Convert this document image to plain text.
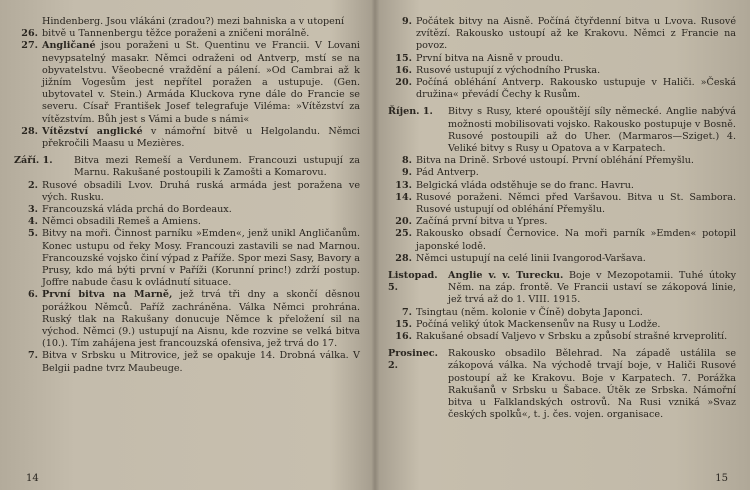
Hindenberg. Jsou vlákáni (zradou?) mezi bahniska a v utopení

26. bitvě u Tannenbergu těžce poraženi a zničeni morálně.

27. Angličané jsou poraženi u St. Quentinu ve Francii. V Lovani nevypsatelný masakr. Němci odraženi od Antverp, mstí se na obyvatelstvu. Všeobecné vraždění a pálení. »Od Cambrai až k jižním Vogesům jest nepřítel poražen a ustupuje. (Gen. ubytovatel v. Stein.) Armáda Kluckova ryne dále do Francie se severu. Císař František Josef telegrafuje Viléma: »Vítězství za vítězstvím. Bůh jest s Vámi a bude s námi«

28. Vítězství anglické v námořní bitvě u Helgolandu. Němci překročili Maasu u Mezières.

Září. 1.	Bitva mezi Remeší a Verdunem. Francouzi ustupují za Marnu. Rakušané postoupili k Zamošti a Komarovu.

2. Rusové obsadili Lvov. Druhá ruská armáda jest poražena ve vých. Rusku.

3. Francouzská vláda prchá do Bordeaux.

4. Němci obsadili Remeš a Amiens.

5. Bitvy na moři. Činnost parníku »Emden«, jenž unikl Angličanům. Konec ustupu od řeky Mosy. Francouzi zastavili se nad Marnou. Francouzské vojsko činí výpad z Paříže. Spor mezi Sasy, Bavory a Prusy, kdo má býti první v Paříži (Korunní princ!) zdrží postup. Joffre nabude času k ovládnutí situace.

6. První bitva na Marně, jež trvá tři dny a skončí děsnou porážkou Němců. Paříž zachráněna. Válka Němci prohrána. Ruský tlak na Rakušany donucuje Němce k přeložení sil na východ. Němci (9.) ustupují na Aisnu, kde rozvine se velká bitva (10.). Tím zahájena jest francouzská ofensiva, jež trvá do 17.

7. Bitva v Srbsku u Mitrovice, jež se opakuje 14. Drobná válka. V Belgii padne tvrz Maubeuge.

9. Počátek bitvy na Aisně. Počíná čtyřdenní bitva u Lvova. Rusové zvítězí. Rakousko ustoupí až ke Krakovu. Němci z Francie na povoz.

15. První bitva na Aisně v proudu.

16. Rusové ustupují z východního Pruska.

20. Počíná obléhání Antverp. Rakousko ustupuje v Haliči. »Česká družina« převádí Čechy k Rusům.

Říjen. 1.	Bitvy s Rusy, které opouštějí síly německé. Anglie nabývá možnosti mobilisovati vojsko. Rakousko postupuje v Bosně. Rusové postoupili až do Uher. (Marmaros—Sziget.) 4. Veliké bitvy s Rusy u Opatova a v Karpatech.

8. Bitva na Drině. Srbové ustoupí. První obléhání Přemyšlu.

9. Pád Antverp.

13. Belgická vláda odstěhuje se do franc. Havru.

14. Rusové poraženi. Němci před Varšavou. Bitva u St. Sambora. Rusové ustupují od obléhání Přemyšlu.

20. Začíná první bitva u Ypres.

25. Rakousko obsadí Černovice. Na moři parník »Emden« potopil japonské lodě.

28. Němci ustupují na celé linii Ivangorod-Varšava.

Listopad. 5.
Anglie v. v. Turecku. Boje v Mezopotamii. Tuhé útoky Něm. na záp. frontě. Ve Francii ustaví se zákopová linie, jež trvá až do 1. VIII. 1915.

7. Tsingtau (něm. kolonie v Číně) dobyta Japonci.

15. Počíná veliký útok Mackensenův na Rusy u Lodže.

16. Rakušané obsadí Valjevo v Srbsku a způsobí strašné krveprolití.

Prosinec. 2.
Rakousko obsadilo Bělehrad. Na západě ustálila se zákopová válka. Na východě trvají boje, v Haliči Rusové postoupí až ke Krakovu. Boje v Karpatech. 7. Porážka Rakušanů v Srbsku u Šabace. Útěk ze Srbska. Námořní bitva u Falklandských ostrovů. Na Rusi vzniká »Svaz českých spolků«, t. j. čes. vojen. organisace.

14	15
